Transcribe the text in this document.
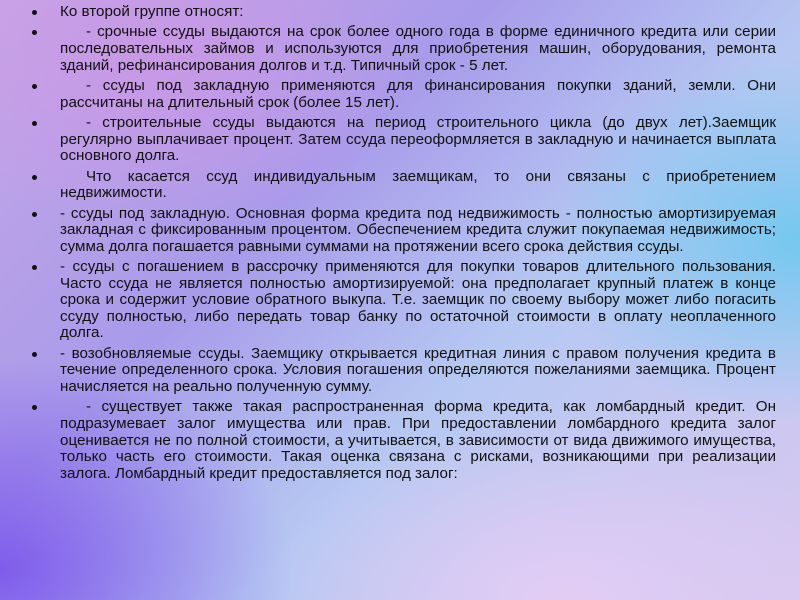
Ко второй группе относят:
- срочные ссуды выдаются на срок более одного года в форме единичного кредита или серии последовательных займов и используются для приобретения машин, оборудования, ремонта зданий, рефинансирования долгов и т.д. Типичный срок - 5 лет.
- ссуды под закладную применяются для финансирования покупки зданий, земли. Они рассчитаны на длительный срок (более 15 лет).
- строительные ссуды выдаются на период строительного цикла (до двух лет).Заемщик регулярно выплачивает процент. Затем ссуда переоформляется в закладную и начинается выплата основного долга.
Что касается ссуд индивидуальным заемщикам, то они связаны с приобретением недвижимости.
- ссуды под закладную. Основная форма кредита под недвижимость - полностью амортизируемая закладная с фиксированным процентом. Обеспечением кредита служит покупаемая недвижимость; сумма долга погашается равными суммами на протяжении всего срока действия ссуды.
- ссуды с погашением в рассрочку применяются для покупки товаров длительного пользования. Часто ссуда не является полностью амортизируемой: она предполагает крупный платеж в конце срока и содержит условие обратного выкупа. Т.е. заемщик по своему выбору может либо погасить ссуду полностью, либо передать товар банку по остаточной стоимости в оплату неоплаченного долга.
- возобновляемые ссуды. Заемщику открывается кредитная линия с правом получения кредита в течение определенного срока. Условия погашения определяются пожеланиями заемщика. Процент начисляется на реально полученную сумму.
- существует также такая распространенная форма кредита, как ломбардный кредит. Он подразумевает залог имущества или прав. При предоставлении ломбардного кредита залог оценивается не по полной стоимости, а учитывается, в зависимости от вида движимого имущества, только часть его стоимости. Такая оценка связана с рисками, возникающими при реализации залога. Ломбардный кредит предоставляется под залог:
